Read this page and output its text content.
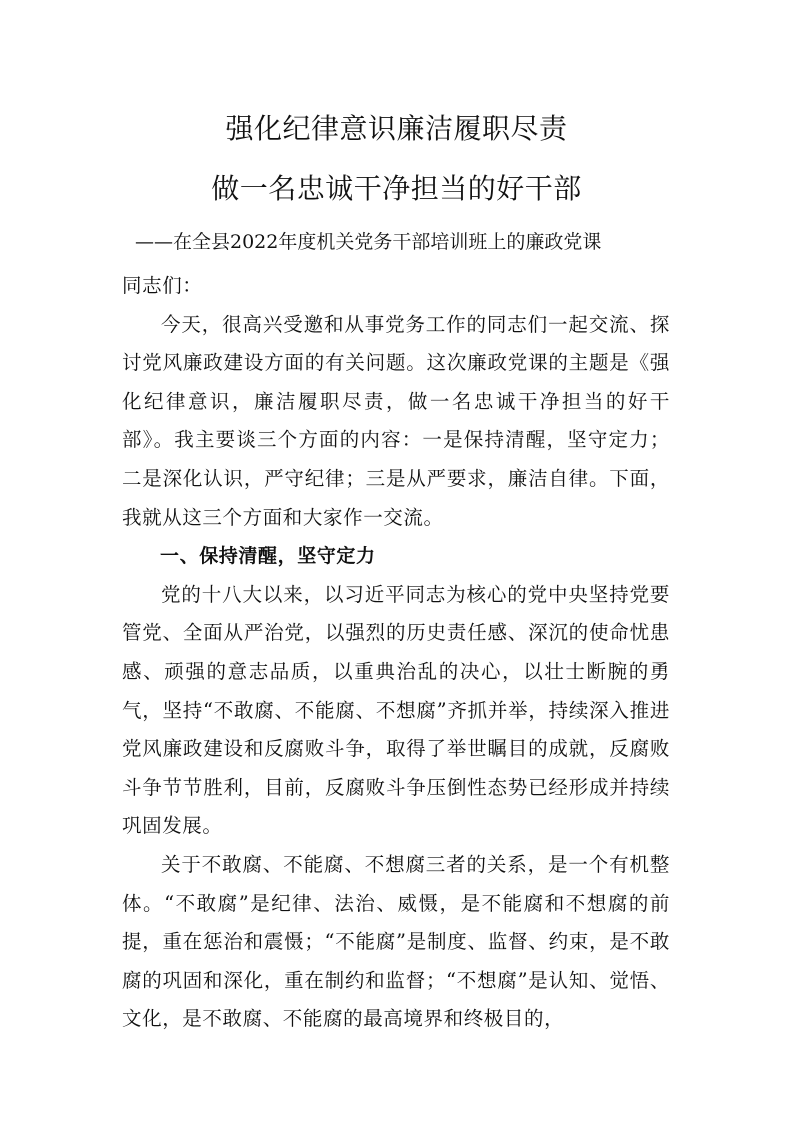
强化纪律意识廉洁履职尽责
做一名忠诚干净担当的好干部

——在全县2022年度机关党务干部培训班上的廉政党课

同志们：

今天，很高兴受邀和从事党务工作的同志们一起交流、探讨党风廉政建设方面的有关问题。这次廉政党课的主题是《强化纪律意识，廉洁履职尽责，做一名忠诚干净担当的好干部》。我主要谈三个方面的内容：一是保持清醒，坚守定力；二是深化认识，严守纪律；三是从严要求，廉洁自律。下面，我就从这三个方面和大家作一交流。

一、保持清醒，坚守定力

党的十八大以来，以习近平同志为核心的党中央坚持党要管党、全面从严治党，以强烈的历史责任感、深沉的使命忧患感、顽强的意志品质，以重典治乱的决心，以壮士断腕的勇气，坚持“不敢腐、不能腐、不想腐”齐抓并举，持续深入推进党风廉政建设和反腐败斗争，取得了举世瞩目的成就，反腐败斗争节节胜利，目前，反腐败斗争压倒性态势已经形成并持续巩固发展。

关于不敢腐、不能腐、不想腐三者的关系，是一个有机整体。“不敢腐”是纪律、法治、威慑，是不能腐和不想腐的前提，重在惩治和震慑；“不能腐”是制度、监督、约束，是不敢腐的巩固和深化，重在制约和监督；“不想腐”是认知、觉悟、文化，是不敢腐、不能腐的最高境界和终极目的，
